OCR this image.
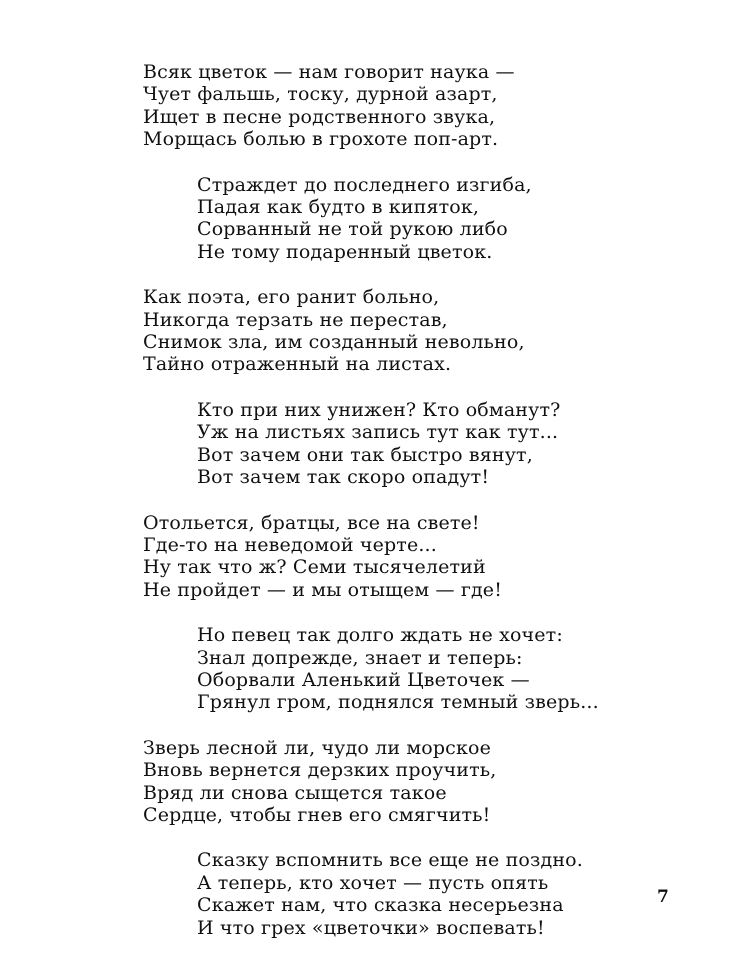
Всяк цветок — нам говорит наука —
Чует фальшь, тоску, дурной азарт,
Ищет в песне родственного звука,
Морщась болью в грохоте поп-арт.
Страждет до последнего изгиба,
Падая как будто в кипяток,
Сорванный не той рукою либо
Не тому подаренный цветок.
Как поэта, его ранит больно,
Никогда терзать не перестав,
Снимок зла, им созданный невольно,
Тайно отраженный на листах.
Кто при них унижен? Кто обманут?
Уж на листьях запись тут как тут...
Вот зачем они так быстро вянут,
Вот зачем так скоро опадут!
Отольется, братцы, все на свете!
Где-то на неведомой черте...
Ну так что ж? Семи тысячелетий
Не пройдет — и мы отыщем — где!
Но певец так долго ждать не хочет:
Знал допрежде, знает и теперь:
Оборвали Аленький Цветочек —
Грянул гром, поднялся темный зверь...
Зверь лесной ли, чудо ли морское
Вновь вернется дерзких проучить,
Вряд ли снова сыщется такое
Сердце, чтобы гнев его смягчить!
Сказку вспомнить все еще не поздно.
А теперь, кто хочет — пусть опять
Скажет нам, что сказка несерьезна
И что грех «цветочки» воспевать!
7
